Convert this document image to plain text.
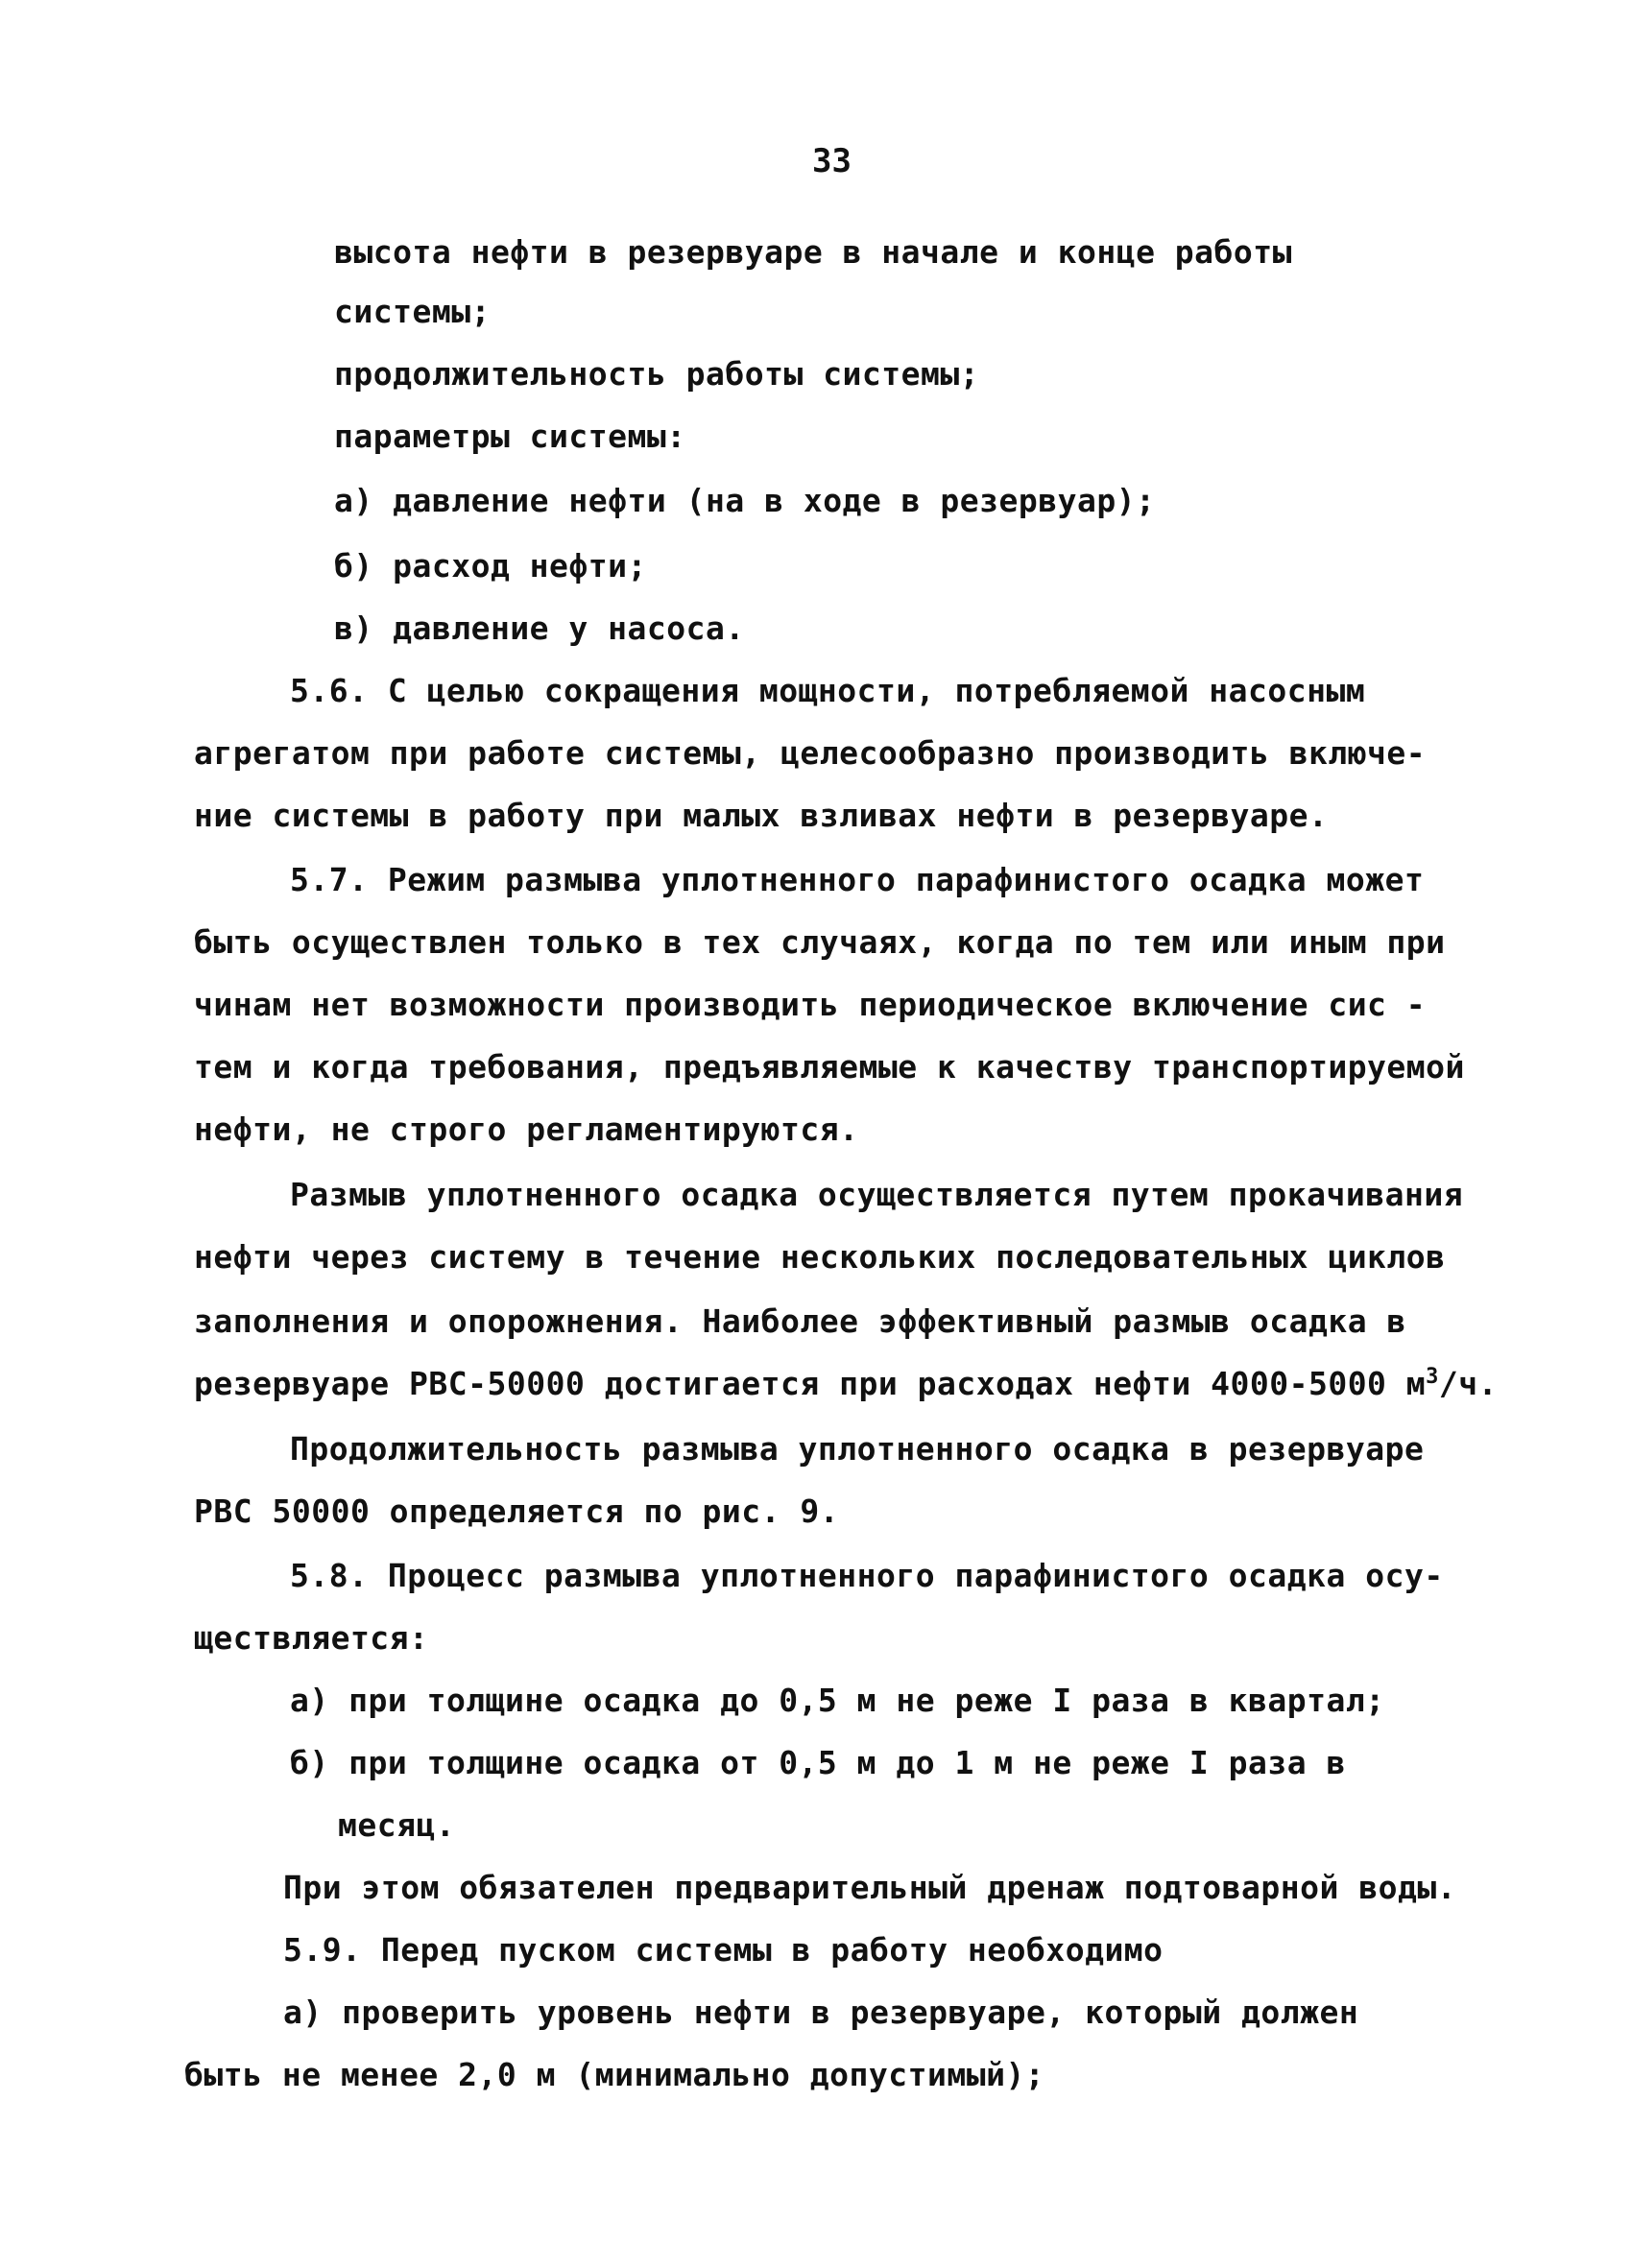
33
высота нефти в резервуаре в начале и конце работы
системы;
продолжительность работы системы;
параметры системы:
а) давление нефти (на в ходе в резервуар);
б) расход нефти;
в) давление у насоса.
5.6. С целью сокращения мощности, потребляемой насосным
агрегатом при работе системы, целесообразно производить включе-
ние системы в работу при малых взливах нефти в резервуаре.
5.7. Режим размыва уплотненного парафинистого осадка может
быть осуществлен только в тех случаях, когда по тем или иным при
чинам нет возможности производить периодическое включение сис -
тем и когда требования, предъявляемые к качеству транспортируемой
нефти, не строго регламентируются.
Размыв уплотненного осадка осуществляется путем прокачивания
нефти через систему в течение нескольких последовательных циклов
заполнения и опорожнения. Наиболее эффективный размыв осадка в
резервуаре РВС-50000 достигается при расходах нефти 4000-5000 $м^3/ч$.
Продолжительность размыва уплотненного осадка в резервуаре
РВС 50000 определяется по рис. 9.
5.8. Процесс размыва уплотненного парафинистого осадка осу-
ществляется:
а) при толщине осадка до 0,5 м не реже I раза в квартал;
б) при толщине осадка от 0,5 м до 1 м не реже I раза в
месяц.
При этом обязателен предварительный дренаж подтоварной воды.
5.9. Перед пуском системы в работу необходимо
а) проверить уровень нефти в резервуаре, который должен
быть не менее 2,0 м (минимально допустимый);
